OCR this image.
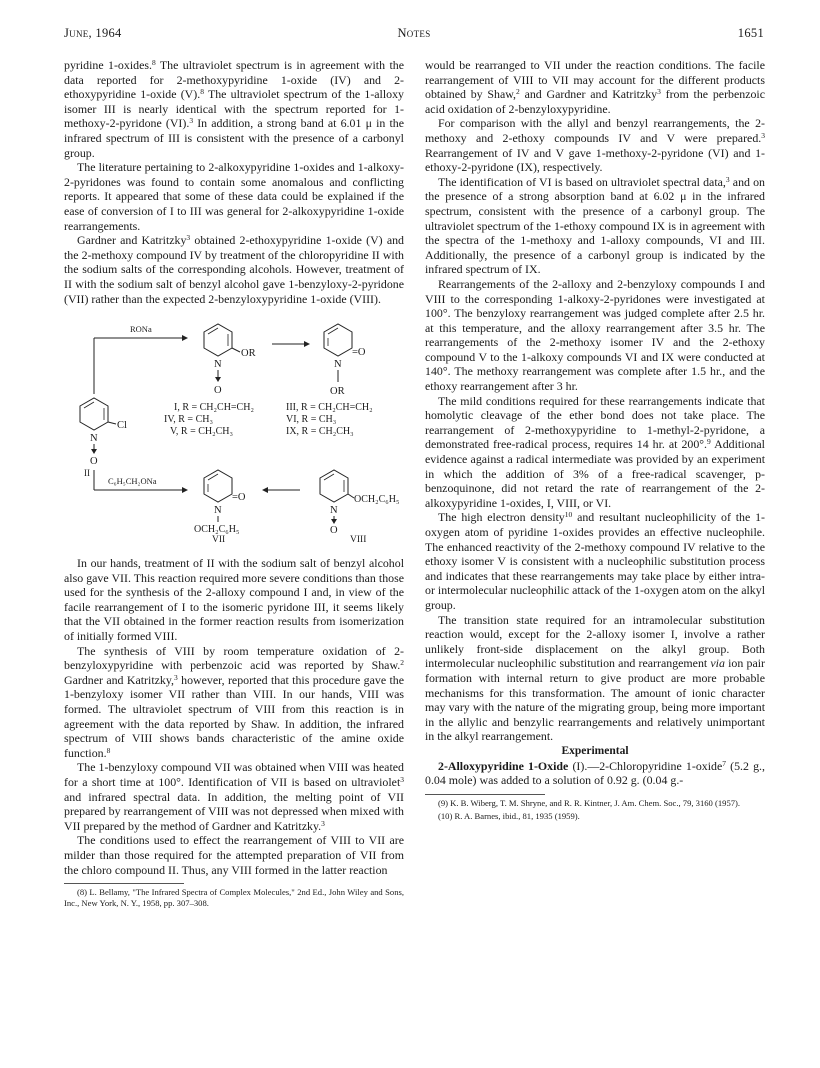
June, 1964	Notes	1651

pyridine 1-oxides.$^8$ The ultraviolet spectrum is in agreement with the data reported for 2-methoxypyridine 1-oxide (IV) and 2-ethoxypyridine 1-oxide (V).$^8$ The ultraviolet spectrum of the 1-alloxy isomer III is nearly identical with the spectrum reported for 1-methoxy-2-pyridone (VI).$^3$ In addition, a strong band at 6.01 μ in the infrared spectrum of III is consistent with the presence of a carbonyl group.

The literature pertaining to 2-alkoxypyridine 1-oxides and 1-alkoxy-2-pyridones was found to contain some anomalous and conflicting reports. It appeared that some of these data could be explained if the ease of conversion of I to III was general for 2-alkoxypyridine 1-oxide rearrangements.

Gardner and Katritzky$^3$ obtained 2-ethoxypyridine 1-oxide (V) and the 2-methoxy compound IV by treatment of the chloropyridine II with the sodium salts of the corresponding alcohols. However, treatment of II with the sodium salt of benzyl alcohol gave 1-benzyloxy-2-pyridone (VII) rather than the expected 2-benzyloxypyridine 1-oxide (VIII).

RONa
OR
N
O
=O
N
OR
I, R = CH₂CH=CH₂
IV, R = CH₃
V, R = CH₂CH₃
III, R = CH₂CH=CH₂
VI, R = CH₃
IX, R = CH₂CH₃
Cl
N
O
II
C₆H₅CH₂ONa
=O
N
OCH₂C₆H₅
VII
OCH₂C₆H₅
N
O
VIII
O

In our hands, treatment of II with the sodium salt of benzyl alcohol also gave VII. This reaction required more severe conditions than those used for the synthesis of the 2-alloxy compound I and, in view of the facile rearrangement of I to the isomeric pyridone III, it seems likely that the VII obtained in the former reaction results from isomerization of initially formed VIII.

The synthesis of VIII by room temperature oxidation of 2-benzyloxypyridine with perbenzoic acid was reported by Shaw.$^2$ Gardner and Katritzky,$^3$ however, reported that this procedure gave the 1-benzyloxy isomer VII rather than VIII. In our hands, VIII was formed. The ultraviolet spectrum of VIII from this reaction is in agreement with the data reported by Shaw. In addition, the infrared spectrum of VIII shows bands characteristic of the amine oxide function.$^8$

The 1-benzyloxy compound VII was obtained when VIII was heated for a short time at 100°. Identification of VII is based on ultraviolet$^3$ and infrared spectral data. In addition, the melting point of VII prepared by rearrangement of VIII was not depressed when mixed with VII prepared by the method of Gardner and Katritzky.$^3$

The conditions used to effect the rearrangement of VIII to VII are milder than those required for the attempted preparation of VII from the chloro compound II. Thus, any VIII formed in the latter reaction

(8) L. Bellamy, "The Infrared Spectra of Complex Molecules," 2nd Ed., John Wiley and Sons, Inc., New York, N. Y., 1958, pp. 307–308.

would be rearranged to VII under the reaction conditions. The facile rearrangement of VIII to VII may account for the different products obtained by Shaw,$^2$ and Gardner and Katritzky$^3$ from the perbenzoic acid oxidation of 2-benzyloxypyridine.

For comparison with the allyl and benzyl rearrangements, the 2-methoxy and 2-ethoxy compounds IV and V were prepared.$^3$ Rearrangement of IV and V gave 1-methoxy-2-pyridone (VI) and 1-ethoxy-2-pyridone (IX), respectively.

The identification of VI is based on ultraviolet spectral data,$^3$ and on the presence of a strong absorption band at 6.02 μ in the infrared spectrum, consistent with the presence of a carbonyl group. The ultraviolet spectrum of the 1-ethoxy compound IX is in agreement with the spectra of the 1-methoxy and 1-alloxy compounds, VI and III. Additionally, the presence of a carbonyl group is indicated by the infrared spectrum of IX.

Rearrangements of the 2-alloxy and 2-benzyloxy compounds I and VIII to the corresponding 1-alkoxy-2-pyridones were investigated at 100°. The benzyloxy rearrangement was judged complete after 2.5 hr. at this temperature, and the alloxy rearrangement after 3.5 hr. The rearrangements of the 2-methoxy isomer IV and the 2-ethoxy compound V to the 1-alkoxy compounds VI and IX were conducted at 140°. The methoxy rearrangement was complete after 1.5 hr., and the ethoxy rearrangement after 3 hr.

The mild conditions required for these rearrangements indicate that homolytic cleavage of the ether bond does not take place. The rearrangement of 2-methoxypyridine to 1-methyl-2-pyridone, a demonstrated free-radical process, requires 14 hr. at 200°.$^9$ Additional evidence against a radical intermediate was provided by an experiment in which the addition of 3% of a free-radical scavenger, p-benzoquinone, did not retard the rate of rearrangement of the 2-alkoxypyridine 1-oxides, I, VIII, or VI.

The high electron density$^{10}$ and resultant nucleophilicity of the 1-oxygen atom of pyridine 1-oxides provides an effective nucleophile. The enhanced reactivity of the 2-methoxy compound IV relative to the ethoxy isomer V is consistent with a nucleophilic substitution process and indicates that these rearrangements may take place by either intra- or intermolecular nucleophilic attack of the 1-oxygen atom on the alkyl group.

The transition state required for an intramolecular substitution reaction would, except for the 2-alloxy isomer I, involve a rather unlikely front-side displacement on the alkyl group. Both intermolecular nucleophilic substitution and rearrangement via ion pair formation with internal return to give product are more probable mechanisms for this transformation. The amount of ionic character may vary with the nature of the migrating group, being more important in the allylic and benzylic rearrangements and relatively unimportant in the alkyl rearrangement.

Experimental

2-Alloxypyridine 1-Oxide (I).—2-Chloropyridine 1-oxide$^7$ (5.2 g., 0.04 mole) was added to a solution of 0.92 g. (0.04 g.-

(9) K. B. Wiberg, T. M. Shryne, and R. R. Kintner, J. Am. Chem. Soc., 79, 3160 (1957).

(10) R. A. Barnes, ibid., 81, 1935 (1959).
